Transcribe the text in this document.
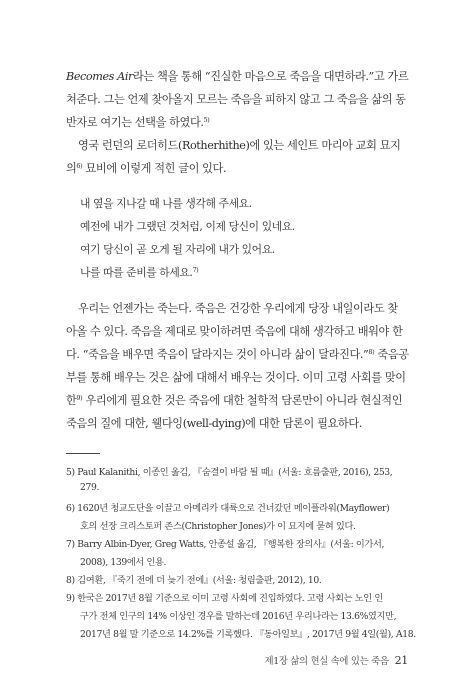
Becomes Air라는 책을 통해 “진실한 마음으로 죽음을 대면하라.”고 가르
쳐준다. 그는 언제 찾아올지 모르는 죽음을 피하지 않고 그 죽음을 삶의 동
반자로 여기는 선택을 하였다.$^{5)}$
영국 런던의 로더히드(Rotherhithe)에 있는 세인트 마리아 교회 묘지
의$^{6)}$ 묘비에 이렇게 적힌 글이 있다.
내 옆을 지나갈 때 나를 생각해 주세요.
예전에 내가 그랬던 것처럼, 이제 당신이 있네요.
여기 당신이 곧 오게 될 자리에 내가 있어요.
나를 따를 준비를 하세요.$^{7)}$
우리는 언젠가는 죽는다. 죽음은 건강한 우리에게 당장 내일이라도 찾
아올 수 있다. 죽음을 제대로 맞이하려면 죽음에 대해 생각하고 배워야 한
다. “죽음을 배우면 죽음이 달라지는 것이 아니라 삶이 달라진다.”$^{8)}$ 죽음공
부를 통해 배우는 것은 삶에 대해서 배우는 것이다. 이미 고령 사회를 맞이
한$^{9)}$ 우리에게 필요한 것은 죽음에 대한 철학적 담론만이 아니라 현실적인
죽음의 질에 대한, 웰다잉(well-dying)에 대한 담론이 필요하다.
5) Paul Kalanithi, 이종인 옮김, 『숨결이 바람 될 때』(서울: 흐름출판, 2016), 253,
279.
6) 1620년 청교도단을 이끌고 아메리카 대륙으로 건너갔던 메이플라워(Mayflower)
호의 선장 크리스토퍼 존스(Christopher Jones)가 이 묘지에 묻혀 있다.
7) Barry Albin-Dyer, Greg Watts, 안종설 옮김, 『행복한 장의사』(서울: 이가서,
2008), 139에서 인용.
8) 김여환, 『죽기 전에 더 늦기 전에』(서울: 청림출판, 2012), 10.
9) 한국은 2017년 8월 기준으로 이미 고령 사회에 진입하였다. 고령 사회는 노인 인
구가 전체 인구의 14% 이상인 경우를 말하는데 2016년 우리나라는 13.6%였지만,
2017년 8월 말 기준으로 14.2%를 기록했다. 『동아일보』, 2017년 9월 4일(월), A18.
제1장 삶의 현실 속에 있는 죽음 21
